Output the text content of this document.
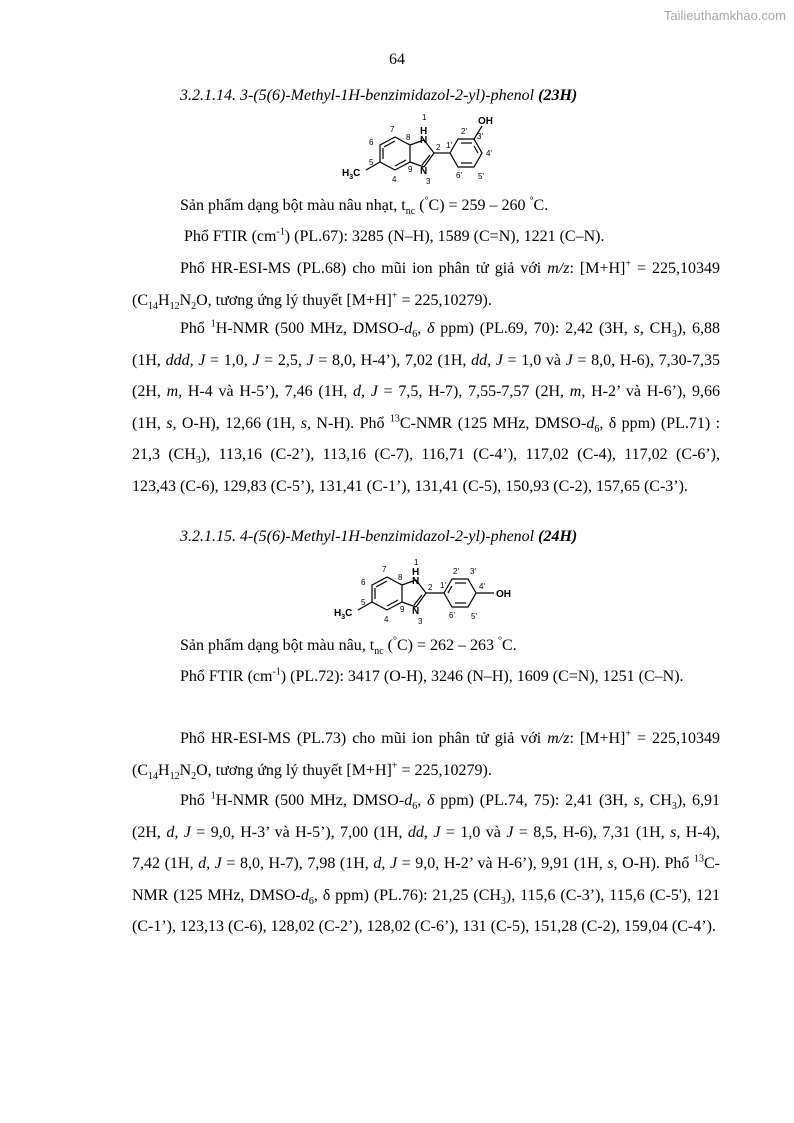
Tailieuthamkhao.com
64
3.2.1.14. 3-(5(6)-Methyl-1H-benzimidazol-2-yl)-phenol (23H)
1
H
N
N
3
2
4
5
6
7
8
9
1'
2'
3'
4'
5'
6'
OH
$H_3C$
Sản phẩm dạng bột màu nâu nhạt, $t_{nc}$ (°C) = 259 – 260 °C.
Phổ FTIR $(cm^{-1})$ (PL.67): 3285 (N–H), 1589 (C=N), 1221 (C–N).

Phổ HR-ESI-MS (PL.68) cho mũi ion phân tử giả với m/z: [M+H]+ = 225,10349 ($C_{14}H_{12}N_2O$, tương ứng lý thuyết [M+H]+ = 225,10279).

Phổ $^1$H-NMR (500 MHz, DMSO-$d_6$, δ ppm) (PL.69, 70): 2,42 (3H, s, $CH_3$), 6,88 (1H, ddd, J = 1,0, J = 2,5, J = 8,0, H-4’), 7,02 (1H, dd, J = 1,0 và J = 8,0, H-6), 7,30-7,35 (2H, m, H-4 và H-5’), 7,46 (1H, d, J = 7,5, H-7), 7,55-7,57 (2H, m, H-2’ và H-6’), 9,66 (1H, s, O-H), 12,66 (1H, s, N-H). Phổ $^{13}$C-NMR (125 MHz, DMSO-$d_6$, δ ppm) (PL.71) : 21,3 $(CH_3)$, 113,16 (C-2’), 113,16 (C-7), 116,71 (C-4’), 117,02 (C-4), 117,02 (C-6’), 123,43 (C-6), 129,83 (C-5’), 131,41 (C-1’), 131,41 (C-5), 150,93 (C-2), 157,65 (C-3’).

3.2.1.15. 4-(5(6)-Methyl-1H-benzimidazol-2-yl)-phenol (24H)
1
H
N
N
3
2
4
5
6
7
8
9
1'
2' 3'
4'
5'
6'
OH
$H_3C$
Sản phẩm dạng bột màu nâu, $t_{nc}$ (°C) = 262 – 263 °C.

Phổ FTIR $(cm^{-1})$ (PL.72): 3417 (O-H), 3246 (N–H), 1609 (C=N), 1251 (C–N).

Phổ HR-ESI-MS (PL.73) cho mũi ion phân tử giả với m/z: [M+H]+ = 225,10349 ($C_{14}H_{12}N_2O$, tương ứng lý thuyết [M+H]+ = 225,10279).

Phổ $^1$H-NMR (500 MHz, DMSO-$d_6$, δ ppm) (PL.74, 75): 2,41 (3H, s, $CH_3$), 6,91 (2H, d, J = 9,0, H-3’ và H-5’), 7,00 (1H, dd, J = 1,0 và J = 8,5, H-6), 7,31 (1H, s, H-4), 7,42 (1H, d, J = 8,0, H-7), 7,98 (1H, d, J = 9,0, H-2’ và H-6’), 9,91 (1H, s, O-H). Phổ $^{13}$C-NMR (125 MHz, DMSO-$d_6$, δ ppm) (PL.76): 21,25 $(CH_3)$, 115,6 (C-3’), 115,6 (C-5'), 121 (C-1’), 123,13 (C-6), 128,02 (C-2’), 128,02 (C-6’), 131 (C-5), 151,28 (C-2), 159,04 (C-4’).
